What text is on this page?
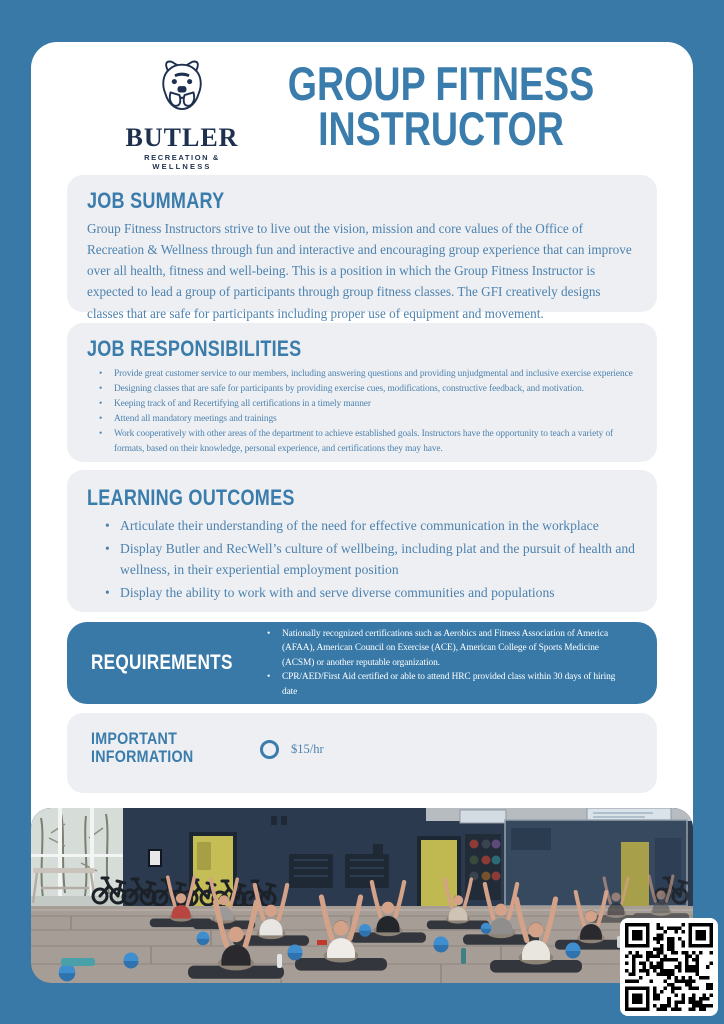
BUTLER
RECREATION &
WELLNESS
GROUP FITNESS
INSTRUCTOR
JOB SUMMARY

Group Fitness Instructors strive to live out the vision, mission and core values of the Office of Recreation & Wellness through fun and interactive and encouraging group experience that can improve over all health, fitness and well-being. This is a position in which the Group Fitness Instructor is expected to lead a group of participants through group fitness classes. The GFI creatively designs classes that are safe for participants including proper use of equipment and movement.

JOB RESPONSIBILITIES
• Provide great customer service to our members, including answering questions and providing unjudgmental and inclusive exercise experience
• Designing classes that are safe for participants by providing exercise cues, modifications, constructive feedback, and motivation.
• Keeping track of and Recertifying all certifications in a timely manner
• Attend all mandatory meetings and trainings
• Work cooperatively with other areas of the department to achieve established goals. Instructors have the opportunity to teach a variety of formats, based on their knowledge, personal experience, and certifications they may have.
LEARNING OUTCOMES
• Articulate their understanding of the need for effective communication in the workplace
• Display Butler and RecWell’s culture of wellbeing, including plat and the pursuit of health and wellness, in their experiential employment position
• Display the ability to work with and serve diverse communities and populations
REQUIREMENTS
• Nationally recognized certifications such as Aerobics and Fitness Association of America (AFAA), American Council on Exercise (ACE), American College of Sports Medicine (ACSM) or another reputable organization.
• CPR/AED/First Aid certified or able to attend HRC provided class within 30 days of hiring date
IMPORTANT
INFORMATION	$15/hr
